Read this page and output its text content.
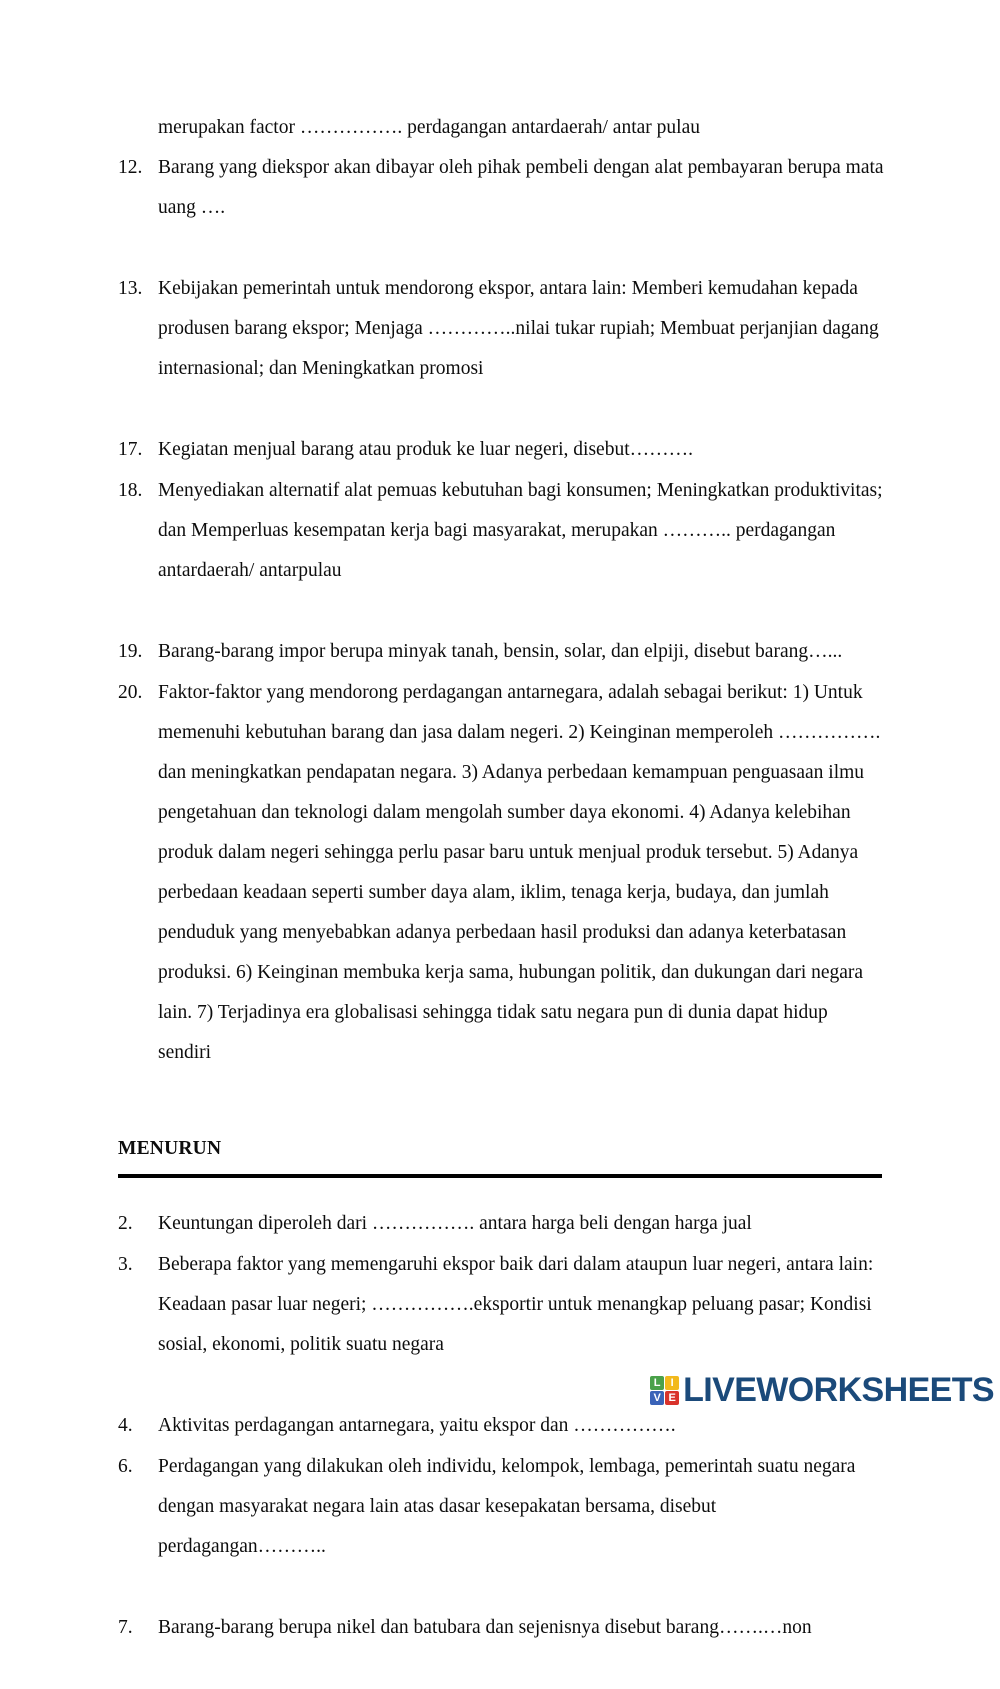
merupakan factor ……………. perdagangan antardaerah/ antar pulau

12. Barang yang diekspor akan dibayar oleh pihak pembeli dengan alat pembayaran berupa mata uang ….
13. Kebijakan pemerintah untuk mendorong ekspor, antara lain: Memberi kemudahan kepada produsen barang ekspor; Menjaga …………..nilai tukar rupiah; Membuat perjanjian dagang internasional; dan Meningkatkan promosi
17. Kegiatan menjual barang atau produk ke luar negeri, disebut……….
18. Menyediakan alternatif alat pemuas kebutuhan bagi konsumen; Meningkatkan produktivitas; dan Memperluas kesempatan kerja bagi masyarakat, merupakan ……….. perdagangan antardaerah/ antarpulau
19. Barang-barang impor berupa minyak tanah, bensin, solar, dan elpiji, disebut barang…...
20. Faktor-faktor yang mendorong perdagangan antarnegara, adalah sebagai berikut: 1) Untuk memenuhi kebutuhan barang dan jasa dalam negeri. 2) Keinginan memperoleh ……………. dan meningkatkan pendapatan negara. 3) Adanya perbedaan kemampuan penguasaan ilmu pengetahuan dan teknologi dalam mengolah sumber daya ekonomi. 4) Adanya kelebihan produk dalam negeri sehingga perlu pasar baru untuk menjual produk tersebut. 5) Adanya perbedaan keadaan seperti sumber daya alam, iklim, tenaga kerja, budaya, dan jumlah penduduk yang menyebabkan adanya perbedaan hasil produksi dan adanya keterbatasan produksi. 6) Keinginan membuka kerja sama, hubungan politik, dan dukungan dari negara lain. 7) Terjadinya era globalisasi sehingga tidak satu negara pun di dunia dapat hidup sendiri
MENURUN
2.	Keuntungan diperoleh dari ……………. antara harga beli dengan harga jual
3.	Beberapa faktor yang memengaruhi ekspor baik dari dalam ataupun luar negeri, antara lain: Keadaan pasar luar negeri; …………….eksportir untuk menangkap peluang pasar; Kondisi sosial, ekonomi, politik suatu negara
4.	Aktivitas perdagangan antarnegara, yaitu ekspor dan …………….
6.	Perdagangan yang dilakukan oleh individu, kelompok, lembaga, pemerintah suatu negara dengan masyarakat negara lain atas dasar kesepakatan bersama, disebut perdagangan………..
7.	Barang-barang berupa nikel dan batubara dan sejenisnya disebut barang…….…non
L I
V E LIVEWORKSHEETS
